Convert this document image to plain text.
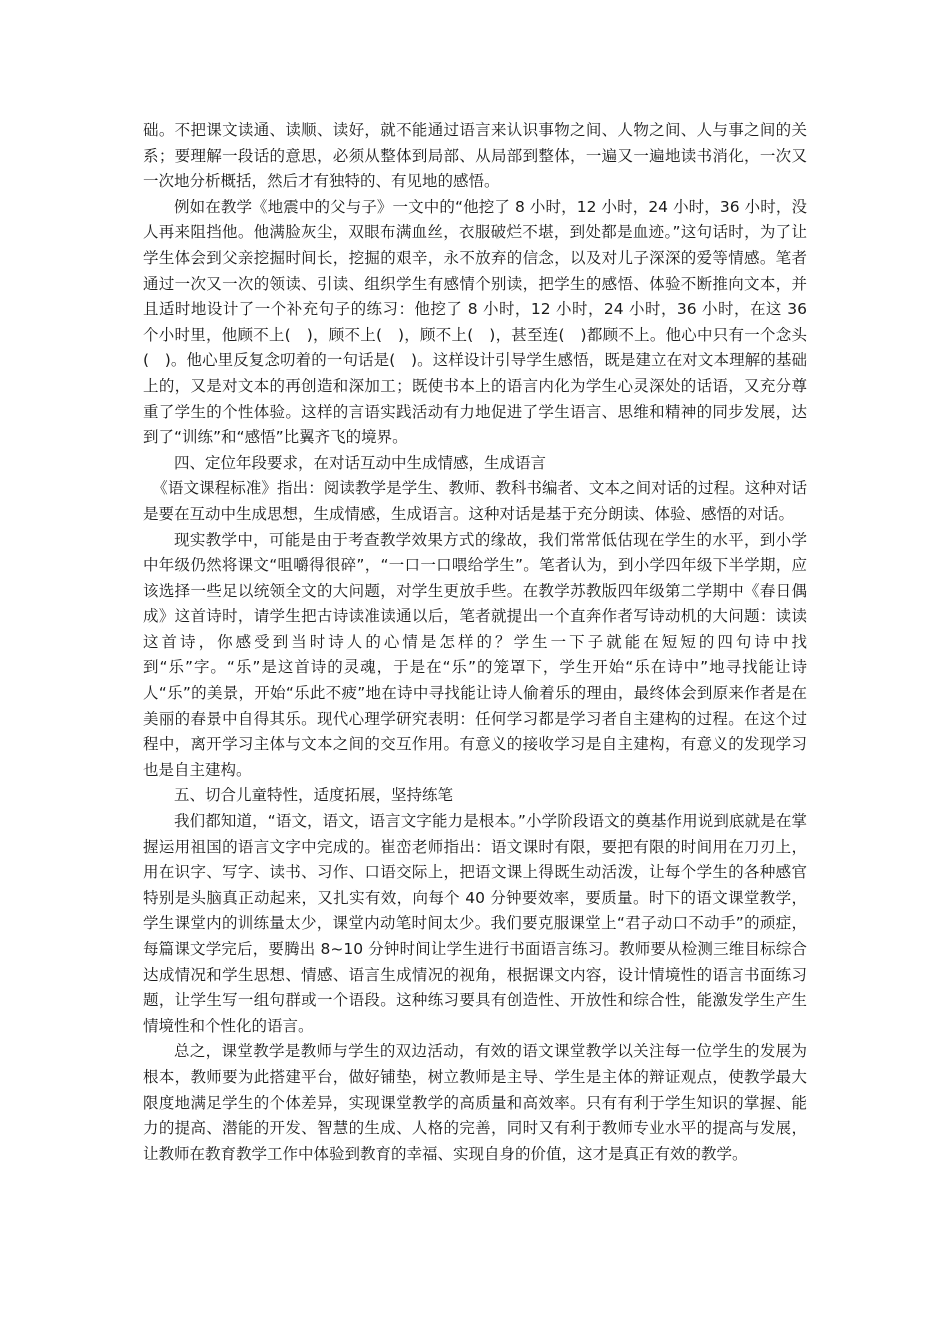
础。不把课文读通、读顺、读好，就不能通过语言来认识事物之间、人物之间、人与事之间的关系；要理解一段话的意思，必须从整体到局部、从局部到整体，一遍又一遍地读书消化，一次又一次地分析概括，然后才有独特的、有见地的感悟。

例如在教学《地震中的父与子》一文中的“他挖了 8 小时，12 小时，24 小时，36 小时，没人再来阻挡他。他满脸灰尘，双眼布满血丝，衣服破烂不堪，到处都是血迹。”这句话时，为了让学生体会到父亲挖掘时间长，挖掘的艰辛，永不放弃的信念，以及对儿子深深的爱等情感。笔者通过一次又一次的领读、引读、组织学生有感情个别读，把学生的感悟、体验不断推向文本，并且适时地设计了一个补充句子的练习：他挖了 8 小时，12 小时，24 小时，36 小时，在这 36 个小时里，他顾不上(　)，顾不上(　)，顾不上(　)，甚至连(　)都顾不上。他心中只有一个念头(　)。他心里反复念叨着的一句话是(　)。这样设计引导学生感悟，既是建立在对文本理解的基础上的，又是对文本的再创造和深加工；既使书本上的语言内化为学生心灵深处的话语，又充分尊重了学生的个性体验。这样的言语实践活动有力地促进了学生语言、思维和精神的同步发展，达到了“训练”和“感悟”比翼齐飞的境界。

四、定位年段要求，在对话互动中生成情感，生成语言

《语文课程标准》指出：阅读教学是学生、教师、教科书编者、文本之间对话的过程。这种对话是要在互动中生成思想，生成情感，生成语言。这种对话是基于充分朗读、体验、感悟的对话。

现实教学中，可能是由于考查教学效果方式的缘故，我们常常低估现在学生的水平，到小学中年级仍然将课文“咀嚼得很碎”，“一口一口喂给学生”。笔者认为，到小学四年级下半学期，应该选择一些足以统领全文的大问题，对学生更放手些。在教学苏教版四年级第二学期中《春日偶成》这首诗时，请学生把古诗读准读通以后，笔者就提出一个直奔作者写诗动机的大问题：读读这首诗，你感受到当时诗人的心情是怎样的？学生一下子就能在短短的四句诗中找到“乐”字。“乐”是这首诗的灵魂，于是在“乐”的笼罩下，学生开始“乐在诗中”地寻找能让诗人“乐”的美景，开始“乐此不疲”地在诗中寻找能让诗人偷着乐的理由，最终体会到原来作者是在美丽的春景中自得其乐。现代心理学研究表明：任何学习都是学习者自主建构的过程。在这个过程中，离开学习主体与文本之间的交互作用。有意义的接收学习是自主建构，有意义的发现学习也是自主建构。

五、切合儿童特性，适度拓展，坚持练笔

我们都知道，“语文，语文，语言文字能力是根本。”小学阶段语文的奠基作用说到底就是在掌握运用祖国的语言文字中完成的。崔峦老师指出：语文课时有限，要把有限的时间用在刀刃上，用在识字、写字、读书、习作、口语交际上，把语文课上得既生动活泼，让每个学生的各种感官特别是头脑真正动起来，又扎实有效，向每个 40 分钟要效率，要质量。时下的语文课堂教学，学生课堂内的训练量太少，课堂内动笔时间太少。我们要克服课堂上“君子动口不动手”的顽症，每篇课文学完后，要腾出 8~10 分钟时间让学生进行书面语言练习。教师要从检测三维目标综合达成情况和学生思想、情感、语言生成情况的视角，根据课文内容，设计情境性的语言书面练习题，让学生写一组句群或一个语段。这种练习要具有创造性、开放性和综合性，能激发学生产生情境性和个性化的语言。

总之，课堂教学是教师与学生的双边活动，有效的语文课堂教学以关注每一位学生的发展为根本，教师要为此搭建平台，做好铺垫，树立教师是主导、学生是主体的辩证观点，使教学最大限度地满足学生的个体差异，实现课堂教学的高质量和高效率。只有有利于学生知识的掌握、能力的提高、潜能的开发、智慧的生成、人格的完善，同时又有利于教师专业水平的提高与发展，让教师在教育教学工作中体验到教育的幸福、实现自身的价值，这才是真正有效的教学。
